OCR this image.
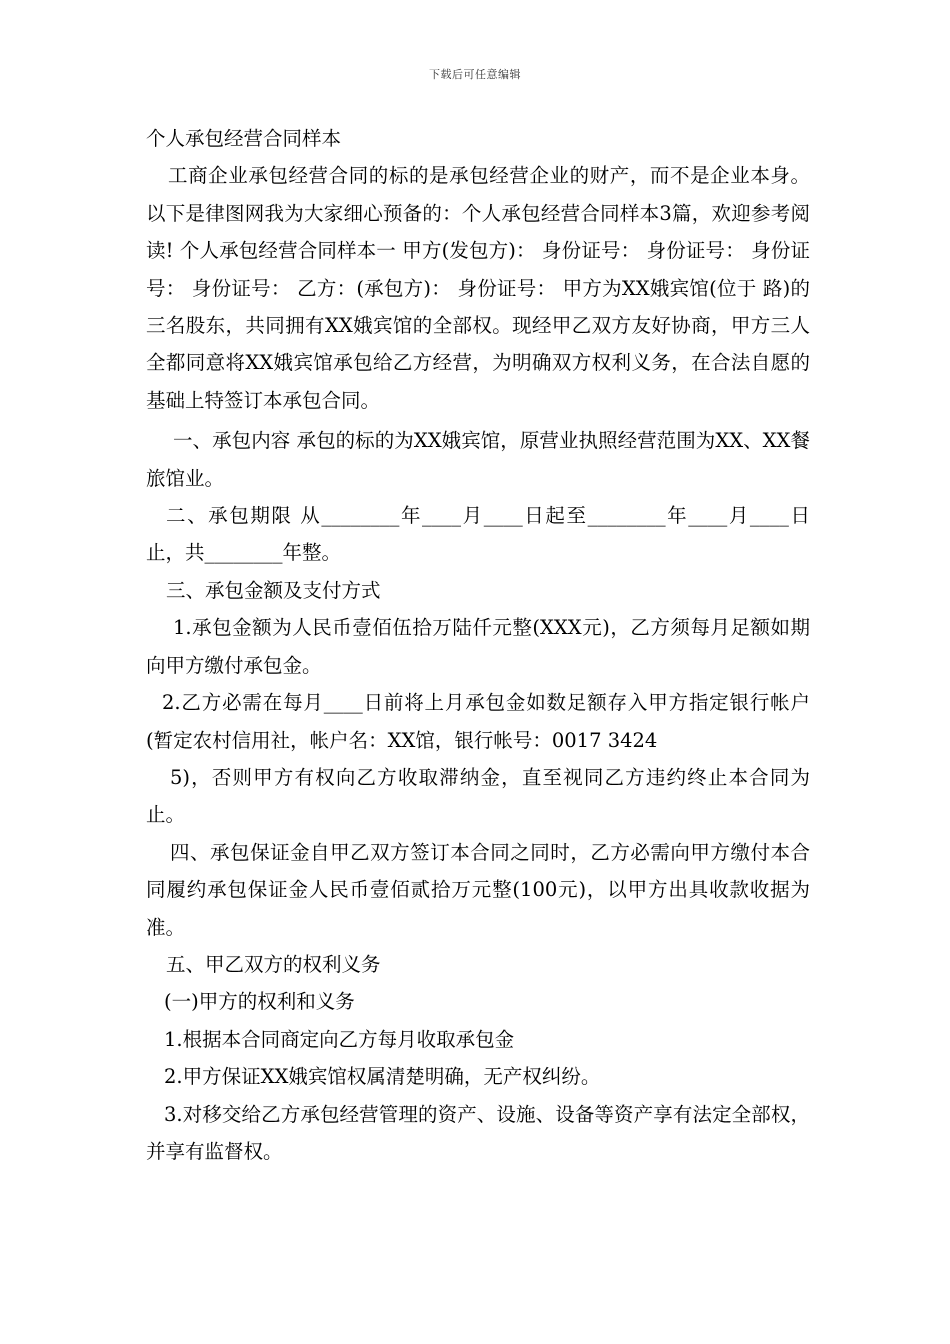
下载后可任意编辑

个人承包经营合同样本

工商企业承包经营合同的标的是承包经营企业的财产，而不是企业本身。以下是律图网我为大家细心预备的：个人承包经营合同样本3篇，欢迎参考阅读! 个人承包经营合同样本一 甲方(发包方)： 身份证号： 身份证号： 身份证号： 身份证号： 乙方：(承包方)： 身份证号： 甲方为XX娥宾馆(位于 路)的三名股东，共同拥有XX娥宾馆的全部权。现经甲乙双方友好协商，甲方三人全都同意将XX娥宾馆承包给乙方经营，为明确双方权利义务，在合法自愿的基础上特签订本承包合同。

一、承包内容 承包的标的为XX娥宾馆，原营业执照经营范围为XX、XX餐旅馆业。

二、承包期限 从________年____月____日起至________年____月____日止，共________年整。

三、承包金额及支付方式

1.承包金额为人民币壹佰伍拾万陆仟元整(XXX元)，乙方须每月足额如期向甲方缴付承包金。

2.乙方必需在每月____日前将上月承包金如数足额存入甲方指定银行帐户(暂定农村信用社，帐户名：XX馆，银行帐号：0017 3424

5)，否则甲方有权向乙方收取滞纳金，直至视同乙方违约终止本合同为止。

四、承包保证金自甲乙双方签订本合同之同时，乙方必需向甲方缴付本合同履约承包保证金人民币壹佰贰拾万元整(100元)，以甲方出具收款收据为准。

五、甲乙双方的权利义务

(一)甲方的权利和义务

1.根据本合同商定向乙方每月收取承包金

2.甲方保证XX娥宾馆权属清楚明确，无产权纠纷。

3.对移交给乙方承包经营管理的资产、设施、设备等资产享有法定全部权，并享有监督权。
